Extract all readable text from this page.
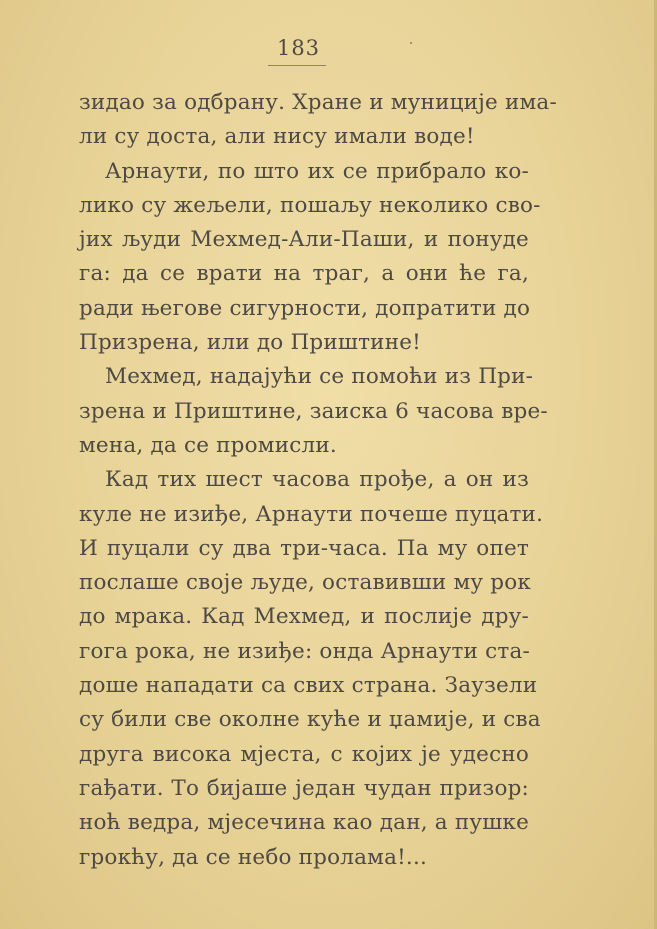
183
зидао за одбрану. Хране и муниције има-
ли су доста, али нису имали воде!
Арнаути, по што их се прибрало ко-
лико су жељели, пошаљу неколико сво-
јих људи Мехмед-Али-Паши, и понуде
га: да се врати на траг, а они ће га,
ради његове сигурности, допратити до
Призрена, или до Приштине!
Мехмед, надајући се помоћи из При-
зрена и Приштине, заиска 6 часова вре-
мена, да се промисли.
Кад тих шест часова прође, а он из
куле не изиђе, Арнаути почеше пуцати.
И пуцали су два три-часа. Па му опет
послаше своје људе, оставивши му рок
до мрака. Кад Мехмед, и послије дру-
гога рока, не изиђе: онда Арнаути ста-
доше нападати са свих страна. Заузели
су били све околне куће и џамије, и сва
друга висока мјеста, с којих је удесно
гађати. То бијаше један чудан призор:
ноћ ведра, мјесечина као дан, а пушке
грокћу, да се небо пролама!...
